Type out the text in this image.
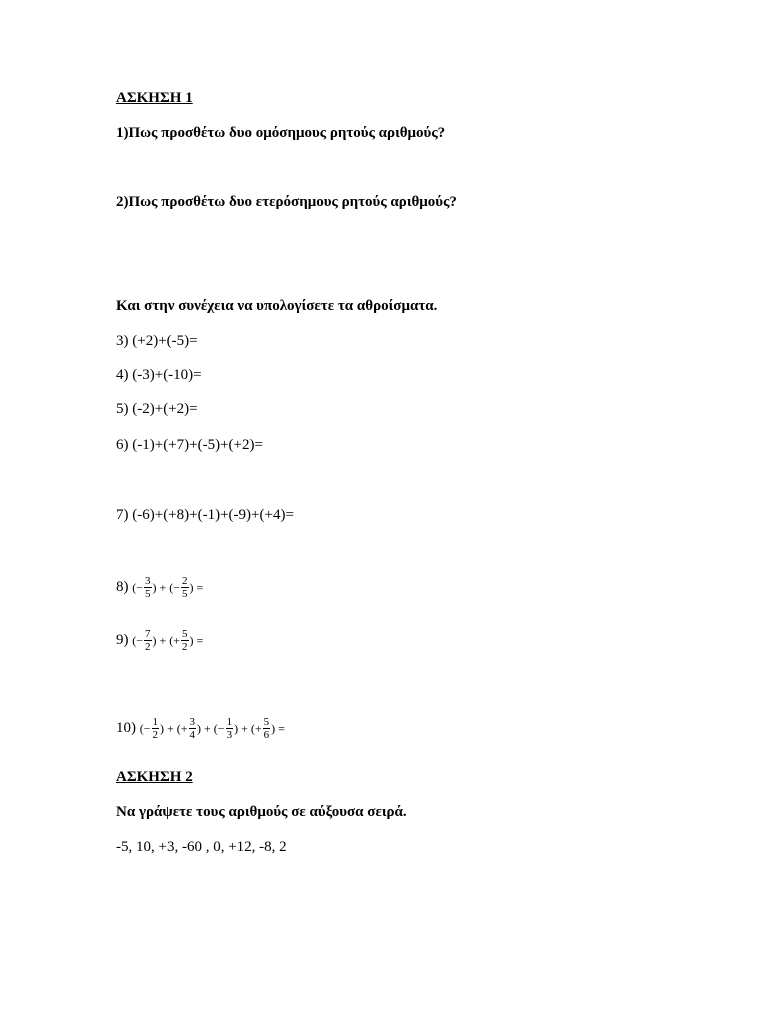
ΑΣΚΗΣΗ 1
1)Πως προσθέτω δυο ομόσημους ρητούς αριθμούς?
2)Πως προσθέτω δυο ετερόσημους ρητούς αριθμούς?
Και στην συνέχεια να υπολογίσετε τα αθροίσματα.
3) (+2)+(-5)=
4) (-3)+(-10)=
5) (-2)+(+2)=
6) (-1)+(+7)+(-5)+(+2)=
7) (-6)+(+8)+(-1)+(-9)+(+4)=
8) (− $\frac{3}{5}$ ) + (− $\frac{2}{5}$ ) =
9) (− $\frac{7}{2}$ ) + (+ $\frac{5}{2}$ ) =
10) (− $\frac{1}{2}$ ) + (+ $\frac{3}{4}$ ) + (− $\frac{1}{3}$ ) + (+ $\frac{5}{6}$ ) =
ΑΣΚΗΣΗ 2
Να γράψετε τους αριθμούς σε αύξουσα σειρά.
-5, 10, +3, -60 , 0, +12, -8, 2
